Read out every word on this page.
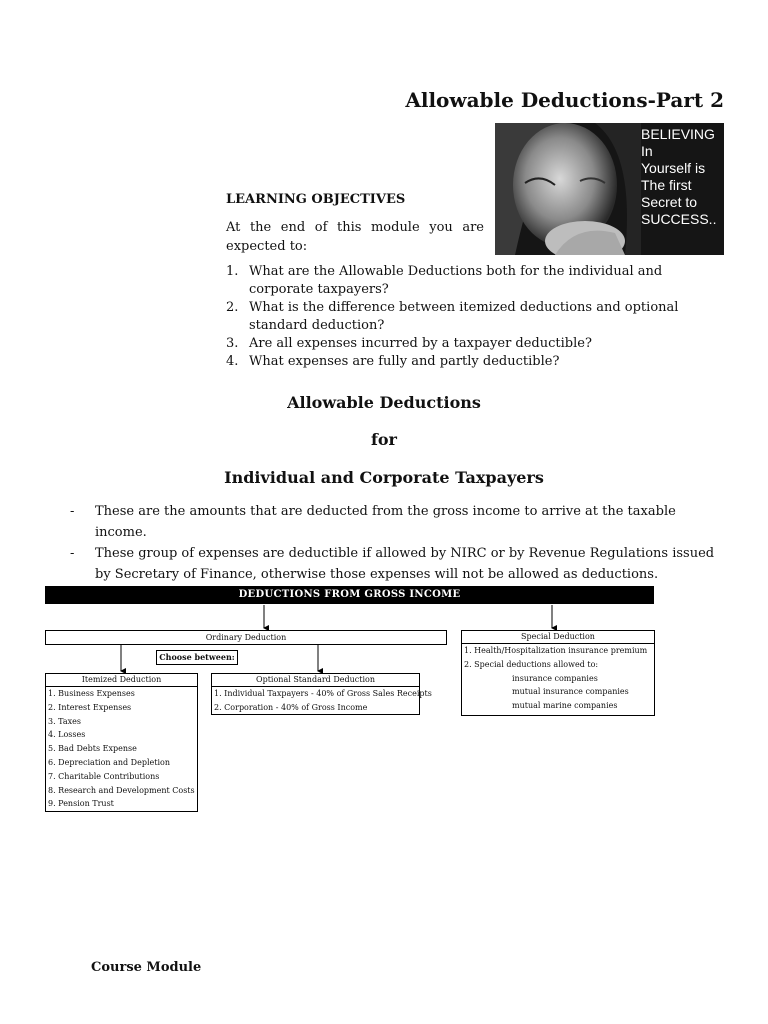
Allowable Deductions-Part 2
BELIEVING
In
Yourself is
The first
Secret to
SUCCESS..
LEARNING OBJECTIVES
At the end of this module you are expected to:
1. What are the Allowable Deductions both for the individual and corporate taxpayers?
2. What is the difference between itemized deductions and optional standard deduction?
3. Are all expenses incurred by a taxpayer deductible?
4. What expenses are fully and partly deductible?
Allowable Deductions
for
Individual and Corporate Taxpayers
- These are the amounts that are deducted from the gross income to arrive at the taxable income.
- These group of expenses are deductible if allowed by NIRC or by Revenue Regulations issued by Secretary of Finance, otherwise those expenses will not be allowed as deductions.
DEDUCTIONS FROM GROSS INCOME
Ordinary Deduction
Choose between:
Special Deduction
1. Health/Hospitalization insurance premium
2. Special deductions allowed to:
insurance companies
mutual insurance companies
mutual marine companies
Itemized Deduction
1. Business Expenses
2. Interest Expenses
3. Taxes
4. Losses
5. Bad Debts Expense
6. Depreciation and Depletion
7. Charitable Contributions
8. Research and Development Costs
9. Pension Trust
Optional Standard Deduction
1. Individual Taxpayers - 40% of Gross Sales Receipts
2. Corporation - 40% of Gross Income
Course Module
